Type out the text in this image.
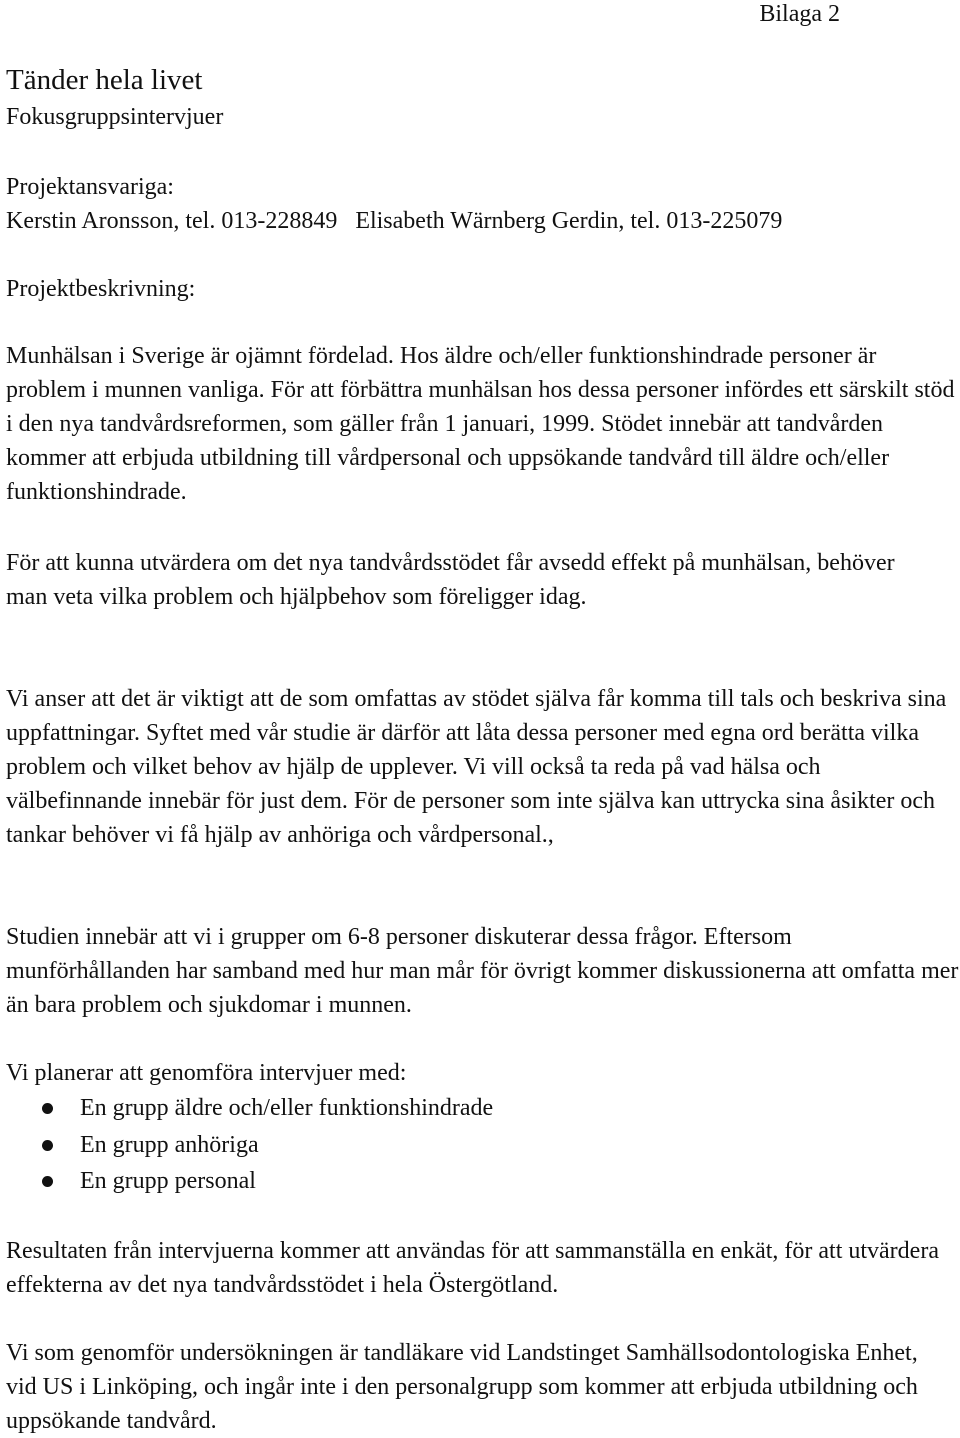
Bilaga 2
Tänder hela livet
Fokusgruppsintervjuer

Projektansvariga:

Kerstin Aronsson, tel. 013-228849   Elisabeth Wärnberg Gerdin, tel. 013-225079

Projektbeskrivning:

Munhälsan i Sverige är ojämnt fördelad. Hos äldre och/eller funktionshindrade personer är problem i munnen vanliga. För att förbättra munhälsan hos dessa personer infördes ett särskilt stöd i den nya tandvårdsreformen, som gäller från 1 januari, 1999. Stödet innebär att tandvården kommer att erbjuda utbildning till vårdpersonal och uppsökande tandvård till äldre och/eller funktionshindrade.

För att kunna utvärdera om det nya tandvårdsstödet får avsedd effekt på munhälsan, behöver man veta vilka problem och hjälpbehov som föreligger idag.

Vi anser att det är viktigt att de som omfattas av stödet själva får komma till tals och beskriva sina uppfattningar. Syftet med vår studie är därför att låta dessa personer med egna ord berätta vilka problem och vilket behov av hjälp de upplever. Vi vill också ta reda på vad hälsa och välbefinnande innebär för just dem. För de personer som inte själva kan uttrycka sina åsikter och tankar behöver vi få hjälp av anhöriga och vårdpersonal.,

Studien innebär att vi i grupper om 6-8 personer diskuterar dessa frågor. Eftersom munförhållanden har samband med hur man mår för övrigt kommer diskussionerna att omfatta mer än bara problem och sjukdomar i munnen.

Vi planerar att genomföra intervjuer med:

En grupp äldre och/eller funktionshindrade
En grupp anhöriga
En grupp personal

Resultaten från intervjuerna kommer att användas för att sammanställa en enkät, för att utvärdera effekterna av det nya tandvårdsstödet i hela Östergötland.

Vi som genomför undersökningen är tandläkare vid Landstinget Samhällsodontologiska Enhet, vid US i Linköping, och ingår inte i den personalgrupp som kommer att erbjuda utbildning och uppsökande tandvård.
